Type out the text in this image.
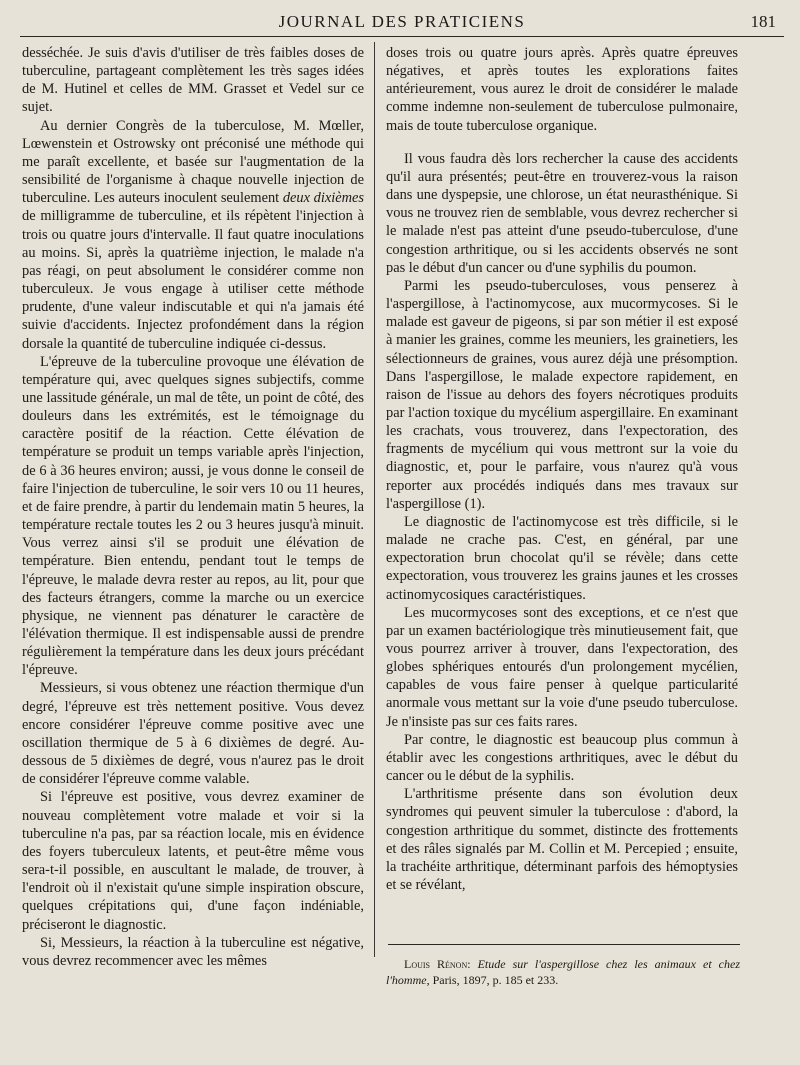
JOURNAL DES PRATICIENS	181

desséchée. Je suis d'avis d'utiliser de très faibles doses de tuberculine, partageant complètement les très sages idées de M. Hutinel et celles de MM. Grasset et Vedel sur ce sujet.

Au dernier Congrès de la tuberculose, M. Mœller, Lœwenstein et Ostrowsky ont préconisé une méthode qui me paraît excellente, et basée sur l'augmentation de la sensibilité de l'organisme à chaque nouvelle injection de tuberculine. Les auteurs inoculent seulement deux dixièmes de milligramme de tuberculine, et ils répètent l'injection à trois ou quatre jours d'intervalle. Il faut quatre inoculations au moins. Si, après la quatrième injection, le malade n'a pas réagi, on peut absolument le considérer comme non tuberculeux. Je vous engage à utiliser cette méthode prudente, d'une valeur indiscutable et qui n'a jamais été suivie d'accidents. Injectez profondément dans la région dorsale la quantité de tuberculine indiquée ci-dessus.

L'épreuve de la tuberculine provoque une élévation de température qui, avec quelques signes subjectifs, comme une lassitude générale, un mal de tête, un point de côté, des douleurs dans les extrémités, est le témoignage du caractère positif de la réaction. Cette élévation de température se produit un temps variable après l'injection, de 6 à 36 heures environ; aussi, je vous donne le conseil de faire l'injection de tuberculine, le soir vers 10 ou 11 heures, et de faire prendre, à partir du lendemain matin 5 heures, la température rectale toutes les 2 ou 3 heures jusqu'à minuit. Vous verrez ainsi s'il se produit une élévation de température. Bien entendu, pendant tout le temps de l'épreuve, le malade devra rester au repos, au lit, pour que des facteurs étrangers, comme la marche ou un exercice physique, ne viennent pas dénaturer le caractère de l'élévation thermique. Il est indispensable aussi de prendre régulièrement la température dans les deux jours précédant l'épreuve.

Messieurs, si vous obtenez une réaction thermique d'un degré, l'épreuve est très nettement positive. Vous devez encore considérer l'épreuve comme positive avec une oscillation thermique de 5 à 6 dixièmes de degré. Au-dessous de 5 dixièmes de degré, vous n'aurez pas le droit de considérer l'épreuve comme valable.

Si l'épreuve est positive, vous devrez examiner de nouveau complètement votre malade et voir si la tuberculine n'a pas, par sa réaction locale, mis en évidence des foyers tuberculeux latents, et peut-être même vous sera-t-il possible, en auscultant le malade, de trouver, à l'endroit où il n'existait qu'une simple inspiration obscure, quelques crépitations qui, d'une façon indéniable, préciseront le diagnostic.

Si, Messieurs, la réaction à la tuberculine est négative, vous devrez recommencer avec les mêmes

doses trois ou quatre jours après. Après quatre épreuves négatives, et après toutes les explorations faites antérieurement, vous aurez le droit de considérer le malade comme indemne non-seulement de tuberculose pulmonaire, mais de toute tuberculose organique.

Il vous faudra dès lors rechercher la cause des accidents qu'il aura présentés; peut-être en trouverez-vous la raison dans une dyspepsie, une chlorose, un état neurasthénique. Si vous ne trouvez rien de semblable, vous devrez rechercher si le malade n'est pas atteint d'une pseudo-tuberculose, d'une congestion arthritique, ou si les accidents observés ne sont pas le début d'un cancer ou d'une syphilis du poumon.

Parmi les pseudo-tuberculoses, vous penserez à l'aspergillose, à l'actinomycose, aux mucormycoses. Si le malade est gaveur de pigeons, si par son métier il est exposé à manier les graines, comme les meuniers, les grainetiers, les sélectionneurs de graines, vous aurez déjà une présomption. Dans l'aspergillose, le malade expectore rapidement, en raison de l'issue au dehors des foyers nécrotiques produits par l'action toxique du mycélium aspergillaire. En examinant les crachats, vous trouverez, dans l'expectoration, des fragments de mycélium qui vous mettront sur la voie du diagnostic, et, pour le parfaire, vous n'aurez qu'à vous reporter aux procédés indiqués dans mes travaux sur l'aspergillose (1).

Le diagnostic de l'actinomycose est très difficile, si le malade ne crache pas. C'est, en général, par une expectoration brun chocolat qu'il se révèle; dans cette expectoration, vous trouverez les grains jaunes et les crosses actinomycosiques caractéristiques.

Les mucormycoses sont des exceptions, et ce n'est que par un examen bactériologique très minutieusement fait, que vous pourrez arriver à trouver, dans l'expectoration, des globes sphériques entourés d'un prolongement mycélien, capables de vous faire penser à quelque particularité anormale vous mettant sur la voie d'une pseudo tuberculose. Je n'insiste pas sur ces faits rares.

Par contre, le diagnostic est beaucoup plus commun à établir avec les congestions arthritiques, avec le début du cancer ou le début de la syphilis.

L'arthritisme présente dans son évolution deux syndromes qui peuvent simuler la tuberculose : d'abord, la congestion arthritique du sommet, distincte des frottements et des râles signalés par M. Collin et M. Percepied ; ensuite, la trachéite arthritique, déterminant parfois des hémoptysies et se révélant,

Louis Rénon: Etude sur l'aspergillose chez les animaux et chez l'homme, Paris, 1897, p. 185 et 233.
